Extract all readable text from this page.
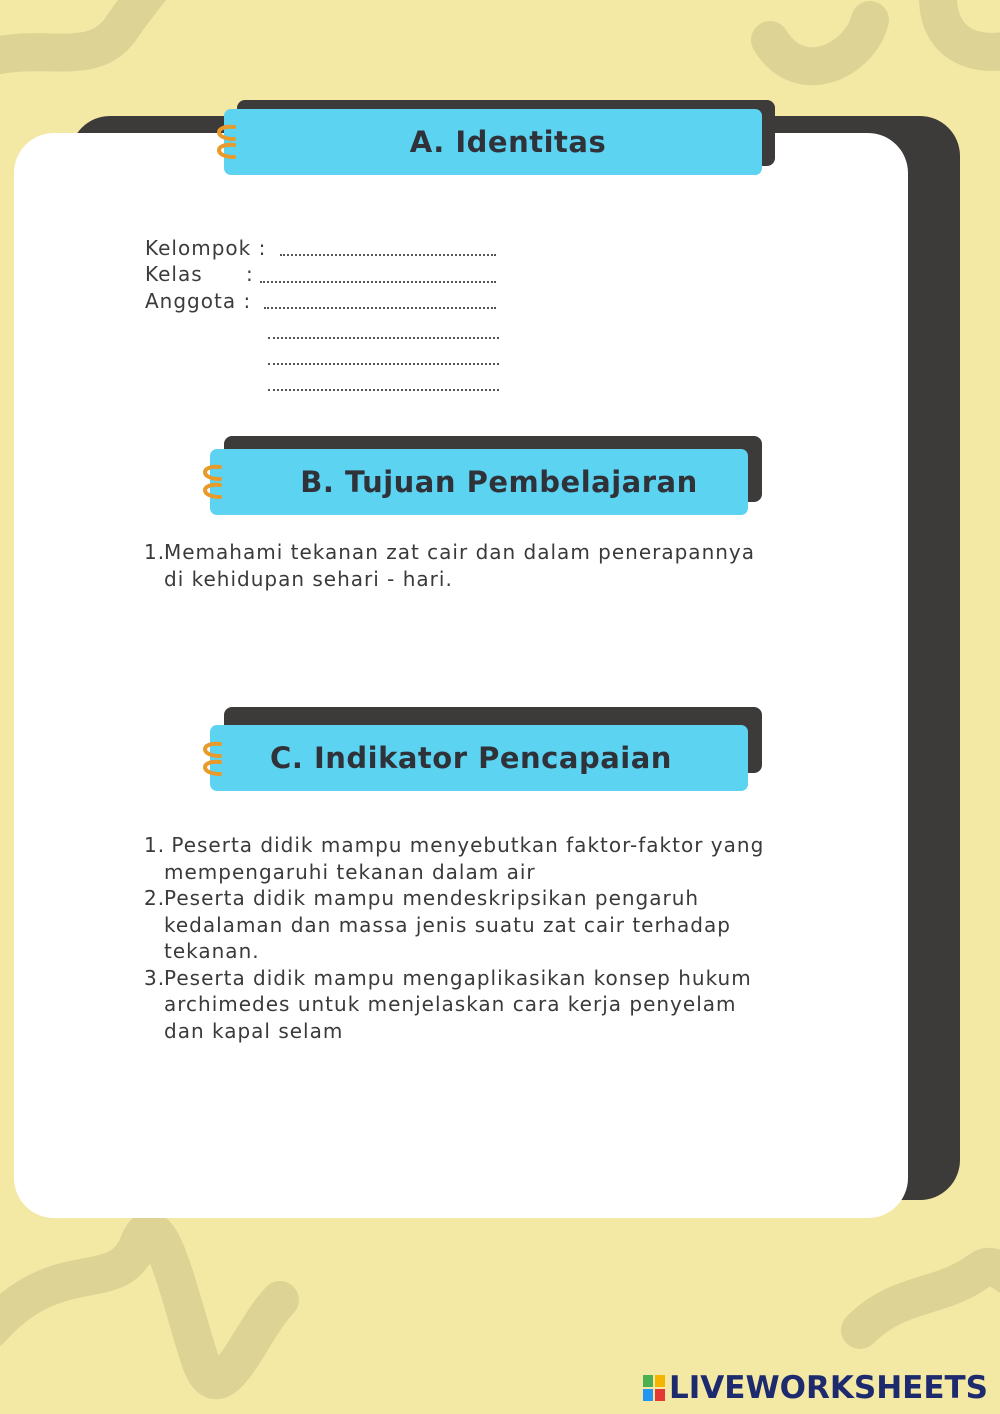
A. Identitas
Kelompok :
Kelas :
Anggota :
B. Tujuan Pembelajaran
1.
Memahami tekanan zat cair dan dalam penerapannya
di kehidupan sehari - hari.
C. Indikator Pencapaian
1.
Peserta didik mampu menyebutkan faktor-faktor yang
mempengaruhi tekanan dalam air
2.
Peserta didik mampu mendeskripsikan pengaruh
kedalaman dan massa jenis suatu zat cair terhadap
tekanan.
3.
Peserta didik mampu mengaplikasikan konsep hukum
archimedes untuk menjelaskan cara kerja penyelam
dan kapal selam
LIVEWORKSHEETS
